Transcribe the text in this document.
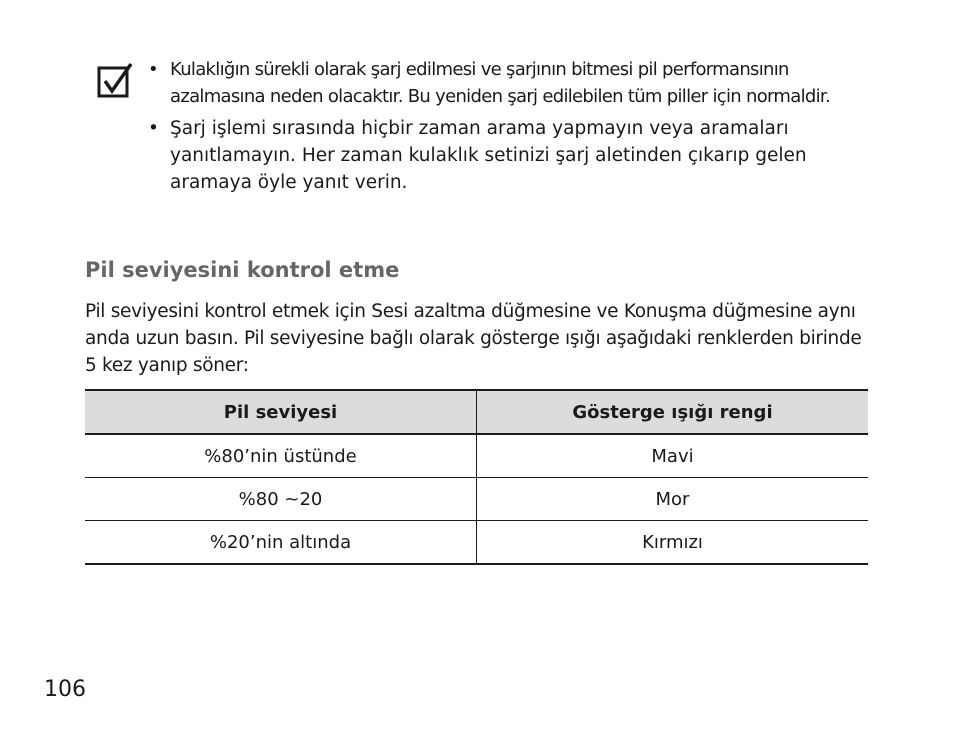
• Kulaklığın sürekli olarak şarj edilmesi ve şarjının bitmesi pil performansının azalmasına neden olacaktır. Bu yeniden şarj edilebilen tüm piller için normaldir.
• Şarj işlemi sırasında hiçbir zaman arama yapmayın veya aramaları yanıtlamayın. Her zaman kulaklık setinizi şarj aletinden çıkarıp gelen aramaya öyle yanıt verin.
Pil seviyesini kontrol etme

Pil seviyesini kontrol etmek için Sesi azaltma düğmesine ve Konuşma düğmesine aynı anda uzun basın. Pil seviyesine bağlı olarak gösterge ışığı aşağıdaki renklerden birinde 5 kez yanıp söner:

Pil seviyesi	Gösterge ışığı rengi
%80’nin üstünde	Mavi
%80 ~20	Mor
%20’nin altında	Kırmızı
106
